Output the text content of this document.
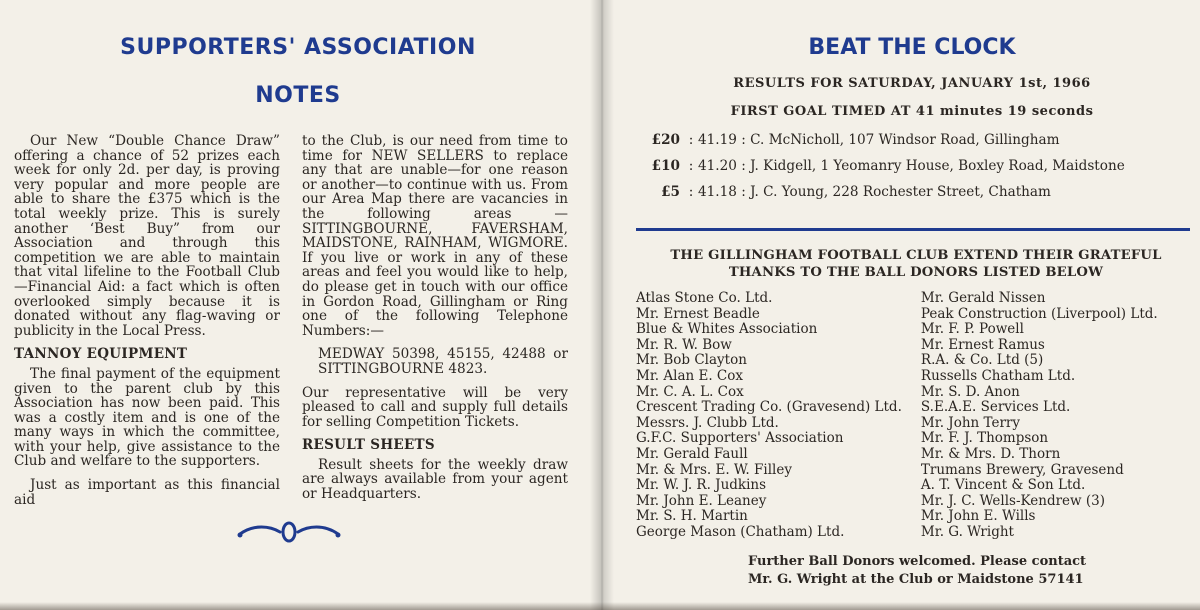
SUPPORTERS' ASSOCIATION
NOTES

Our New “Double Chance Draw” offering a chance of 52 prizes each week for only 2d. per day, is proving very popular and more people are able to share the £375 which is the total weekly prize. This is surely another ‘Best Buy” from our Association and through this competition we are able to maintain that vital lifeline to the Football Club—Financial Aid: a fact which is often overlooked simply because it is donated without any flag-waving or publicity in the Local Press.

TANNOY EQUIPMENT

The final payment of the equipment given to the parent club by this Association has now been paid. This was a costly item and is one of the many ways in which the committee, with your help, give assistance to the Club and welfare to the supporters.

Just as important as this financial aid

to the Club, is our need from time to time for NEW SELLERS to replace any that are unable—for one reason or another—to continue with us. From our Area Map there are vacancies in the following areas — SITTINGBOURNE, FAVERSHAM, MAIDSTONE, RAINHAM, WIGMORE. If you live or work in any of these areas and feel you would like to help, do please get in touch with our office in Gordon Road, Gillingham or Ring one of the following Telephone Numbers:—

MEDWAY 50398, 45155, 42488 or SITTINGBOURNE 4823.

Our representative will be very pleased to call and supply full details for selling Competition Tickets.

RESULT SHEETS

Result sheets for the weekly draw are always available from your agent or Headquarters.

BEAT THE CLOCK
RESULTS FOR SATURDAY, JANUARY 1st, 1966
FIRST GOAL TIMED AT 41 minutes 19 seconds
£20 : 41.19 : C. McNicholl, 107 Windsor Road, Gillingham
£10 : 41.20 : J. Kidgell, 1 Yeomanry House, Boxley Road, Maidstone
£5 : 41.18 : J. C. Young, 228 Rochester Street, Chatham
THE GILLINGHAM FOOTBALL CLUB EXTEND THEIR GRATEFUL
THANKS TO THE BALL DONORS LISTED BELOW
Atlas Stone Co. Ltd.
Mr. Ernest Beadle
Blue & Whites Association
Mr. R. W. Bow
Mr. Bob Clayton
Mr. Alan E. Cox
Mr. C. A. L. Cox
Crescent Trading Co. (Gravesend) Ltd.
Messrs. J. Clubb Ltd.
G.F.C. Supporters' Association
Mr. Gerald Faull
Mr. & Mrs. E. W. Filley
Mr. W. J. R. Judkins
Mr. John E. Leaney
Mr. S. H. Martin
George Mason (Chatham) Ltd.
Mr. Gerald Nissen
Peak Construction (Liverpool) Ltd.
Mr. F. P. Powell
Mr. Ernest Ramus
R.A. & Co. Ltd (5)
Russells Chatham Ltd.
Mr. S. D. Anon
S.E.A.E. Services Ltd.
Mr. John Terry
Mr. F. J. Thompson
Mr. & Mrs. D. Thorn
Trumans Brewery, Gravesend
A. T. Vincent & Son Ltd.
Mr. J. C. Wells-Kendrew (3)
Mr. John E. Wills
Mr. G. Wright
Further Ball Donors welcomed. Please contact
Mr. G. Wright at the Club or Maidstone 57141
